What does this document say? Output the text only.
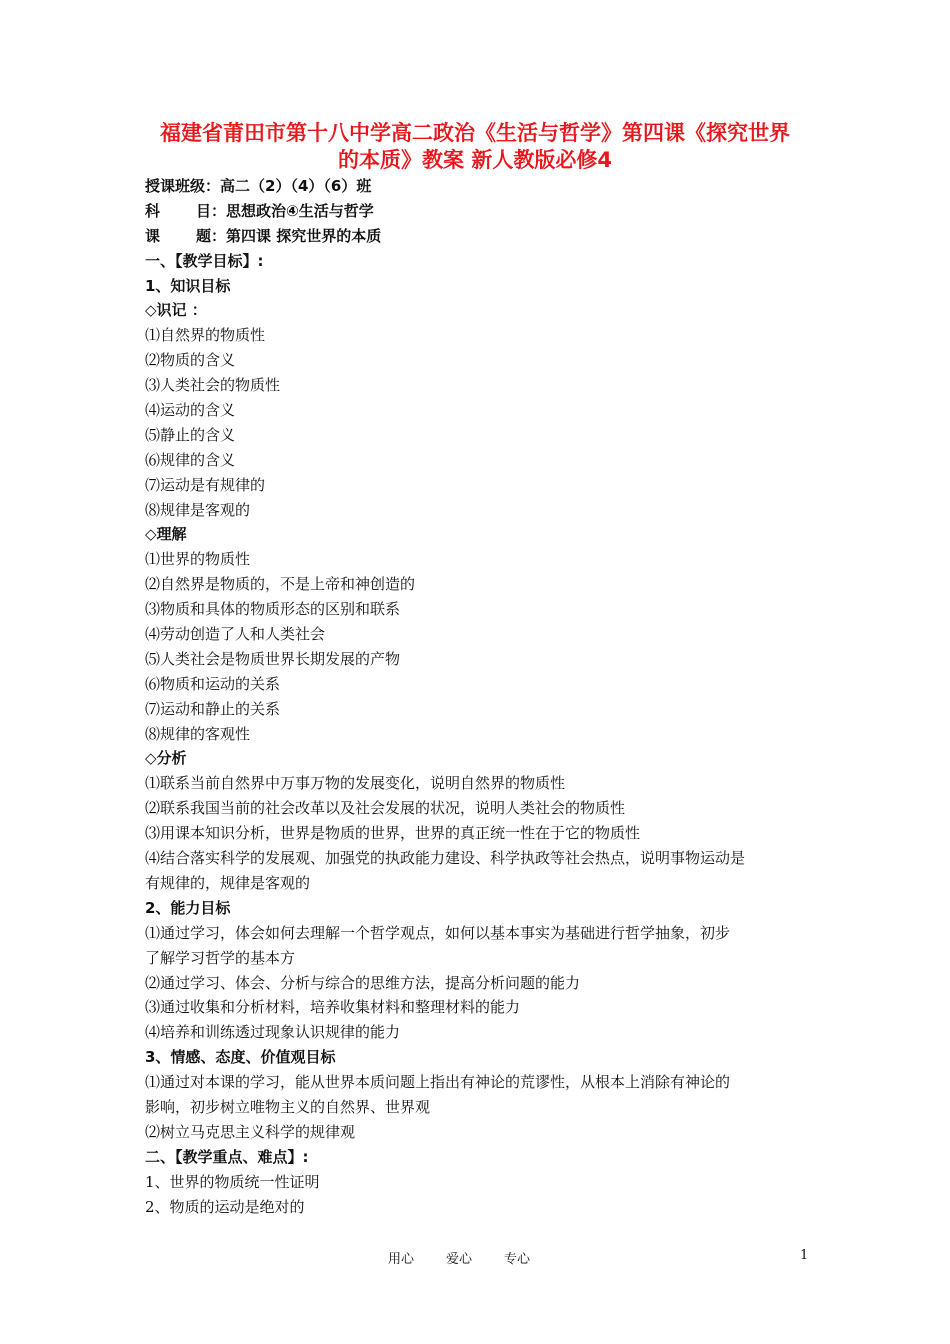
福建省莆田市第十八中学高二政治《生活与哲学》第四课《探究世界
的本质》教案 新人教版必修4
授课班级：高二（2）（4）（6）班
科 目：思想政治④生活与哲学
课 题：第四课 探究世界的本质
一、【教学目标】:
1、知识目标
◇识记 ：
⑴自然界的物质性
⑵物质的含义
⑶人类社会的物质性
⑷运动的含义
⑸静止的含义
⑹规律的含义
⑺运动是有规律的
⑻规律是客观的
◇理解
⑴世界的物质性
⑵自然界是物质的，不是上帝和神创造的
⑶物质和具体的物质形态的区别和联系
⑷劳动创造了人和人类社会
⑸人类社会是物质世界长期发展的产物
⑹物质和运动的关系
⑺运动和静止的关系
⑻规律的客观性
◇分析
⑴联系当前自然界中万事万物的发展变化，说明自然界的物质性
⑵联系我国当前的社会改革以及社会发展的状况，说明人类社会的物质性
⑶用课本知识分析，世界是物质的世界，世界的真正统一性在于它的物质性
⑷结合落实科学的发展观、加强党的执政能力建设、科学执政等社会热点，说明事物运动是
有规律的，规律是客观的
2、能力目标
⑴通过学习，体会如何去理解一个哲学观点，如何以基本事实为基础进行哲学抽象，初步
了解学习哲学的基本方
⑵通过学习、体会、分析与综合的思维方法，提高分析问题的能力
⑶通过收集和分析材料，培养收集材料和整理材料的能力
⑷培养和训练透过现象认识规律的能力
3、情感、态度、价值观目标
⑴通过对本课的学习，能从世界本质问题上指出有神论的荒谬性，从根本上消除有神论的
影响，初步树立唯物主义的自然界、世界观
⑵树立马克思主义科学的规律观
二、【教学重点、难点】:
1、世界的物质统一性证明
2、物质的运动是绝对的
用心 爱心 专心	1
